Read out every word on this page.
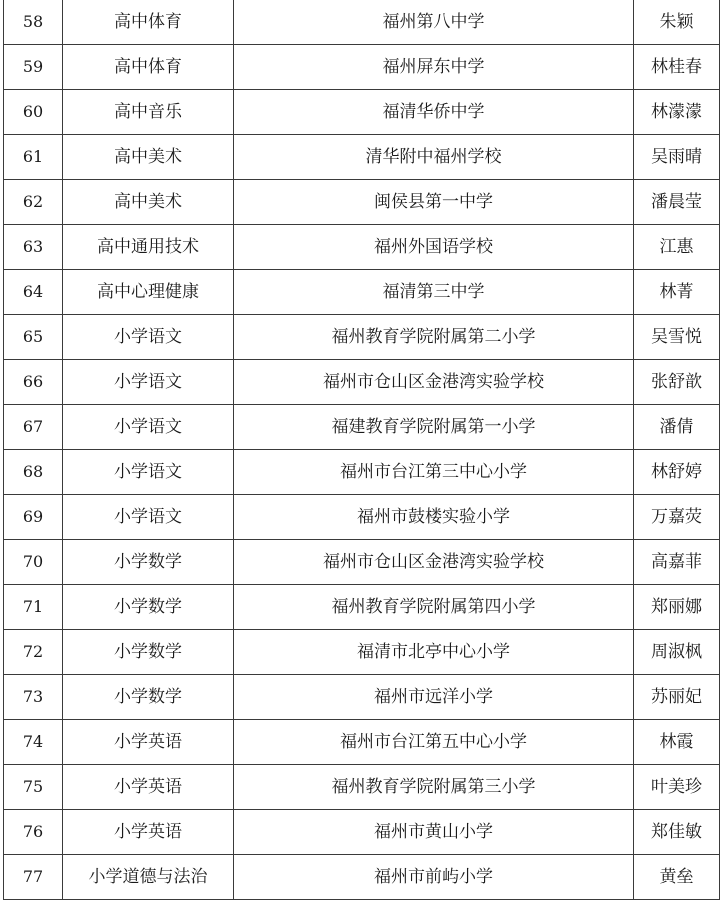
58	高中体育	福州第八中学	朱颖
59	高中体育	福州屏东中学	林桂春
60	高中音乐	福清华侨中学	林濛濛
61	高中美术	清华附中福州学校	吴雨晴
62	高中美术	闽侯县第一中学	潘晨莹
63	高中通用技术	福州外国语学校	江惠
64	高中心理健康	福清第三中学	林菁
65	小学语文	福州教育学院附属第二小学	吴雪悦
66	小学语文	福州市仓山区金港湾实验学校	张舒歆
67	小学语文	福建教育学院附属第一小学	潘倩
68	小学语文	福州市台江第三中心小学	林舒婷
69	小学语文	福州市鼓楼实验小学	万嘉荧
70	小学数学	福州市仓山区金港湾实验学校	高嘉菲
71	小学数学	福州教育学院附属第四小学	郑丽娜
72	小学数学	福清市北亭中心小学	周淑枫
73	小学数学	福州市远洋小学	苏丽妃
74	小学英语	福州市台江第五中心小学	林霞
75	小学英语	福州教育学院附属第三小学	叶美珍
76	小学英语	福州市黄山小学	郑佳敏
77	小学道德与法治	福州市前屿小学	黄垒
